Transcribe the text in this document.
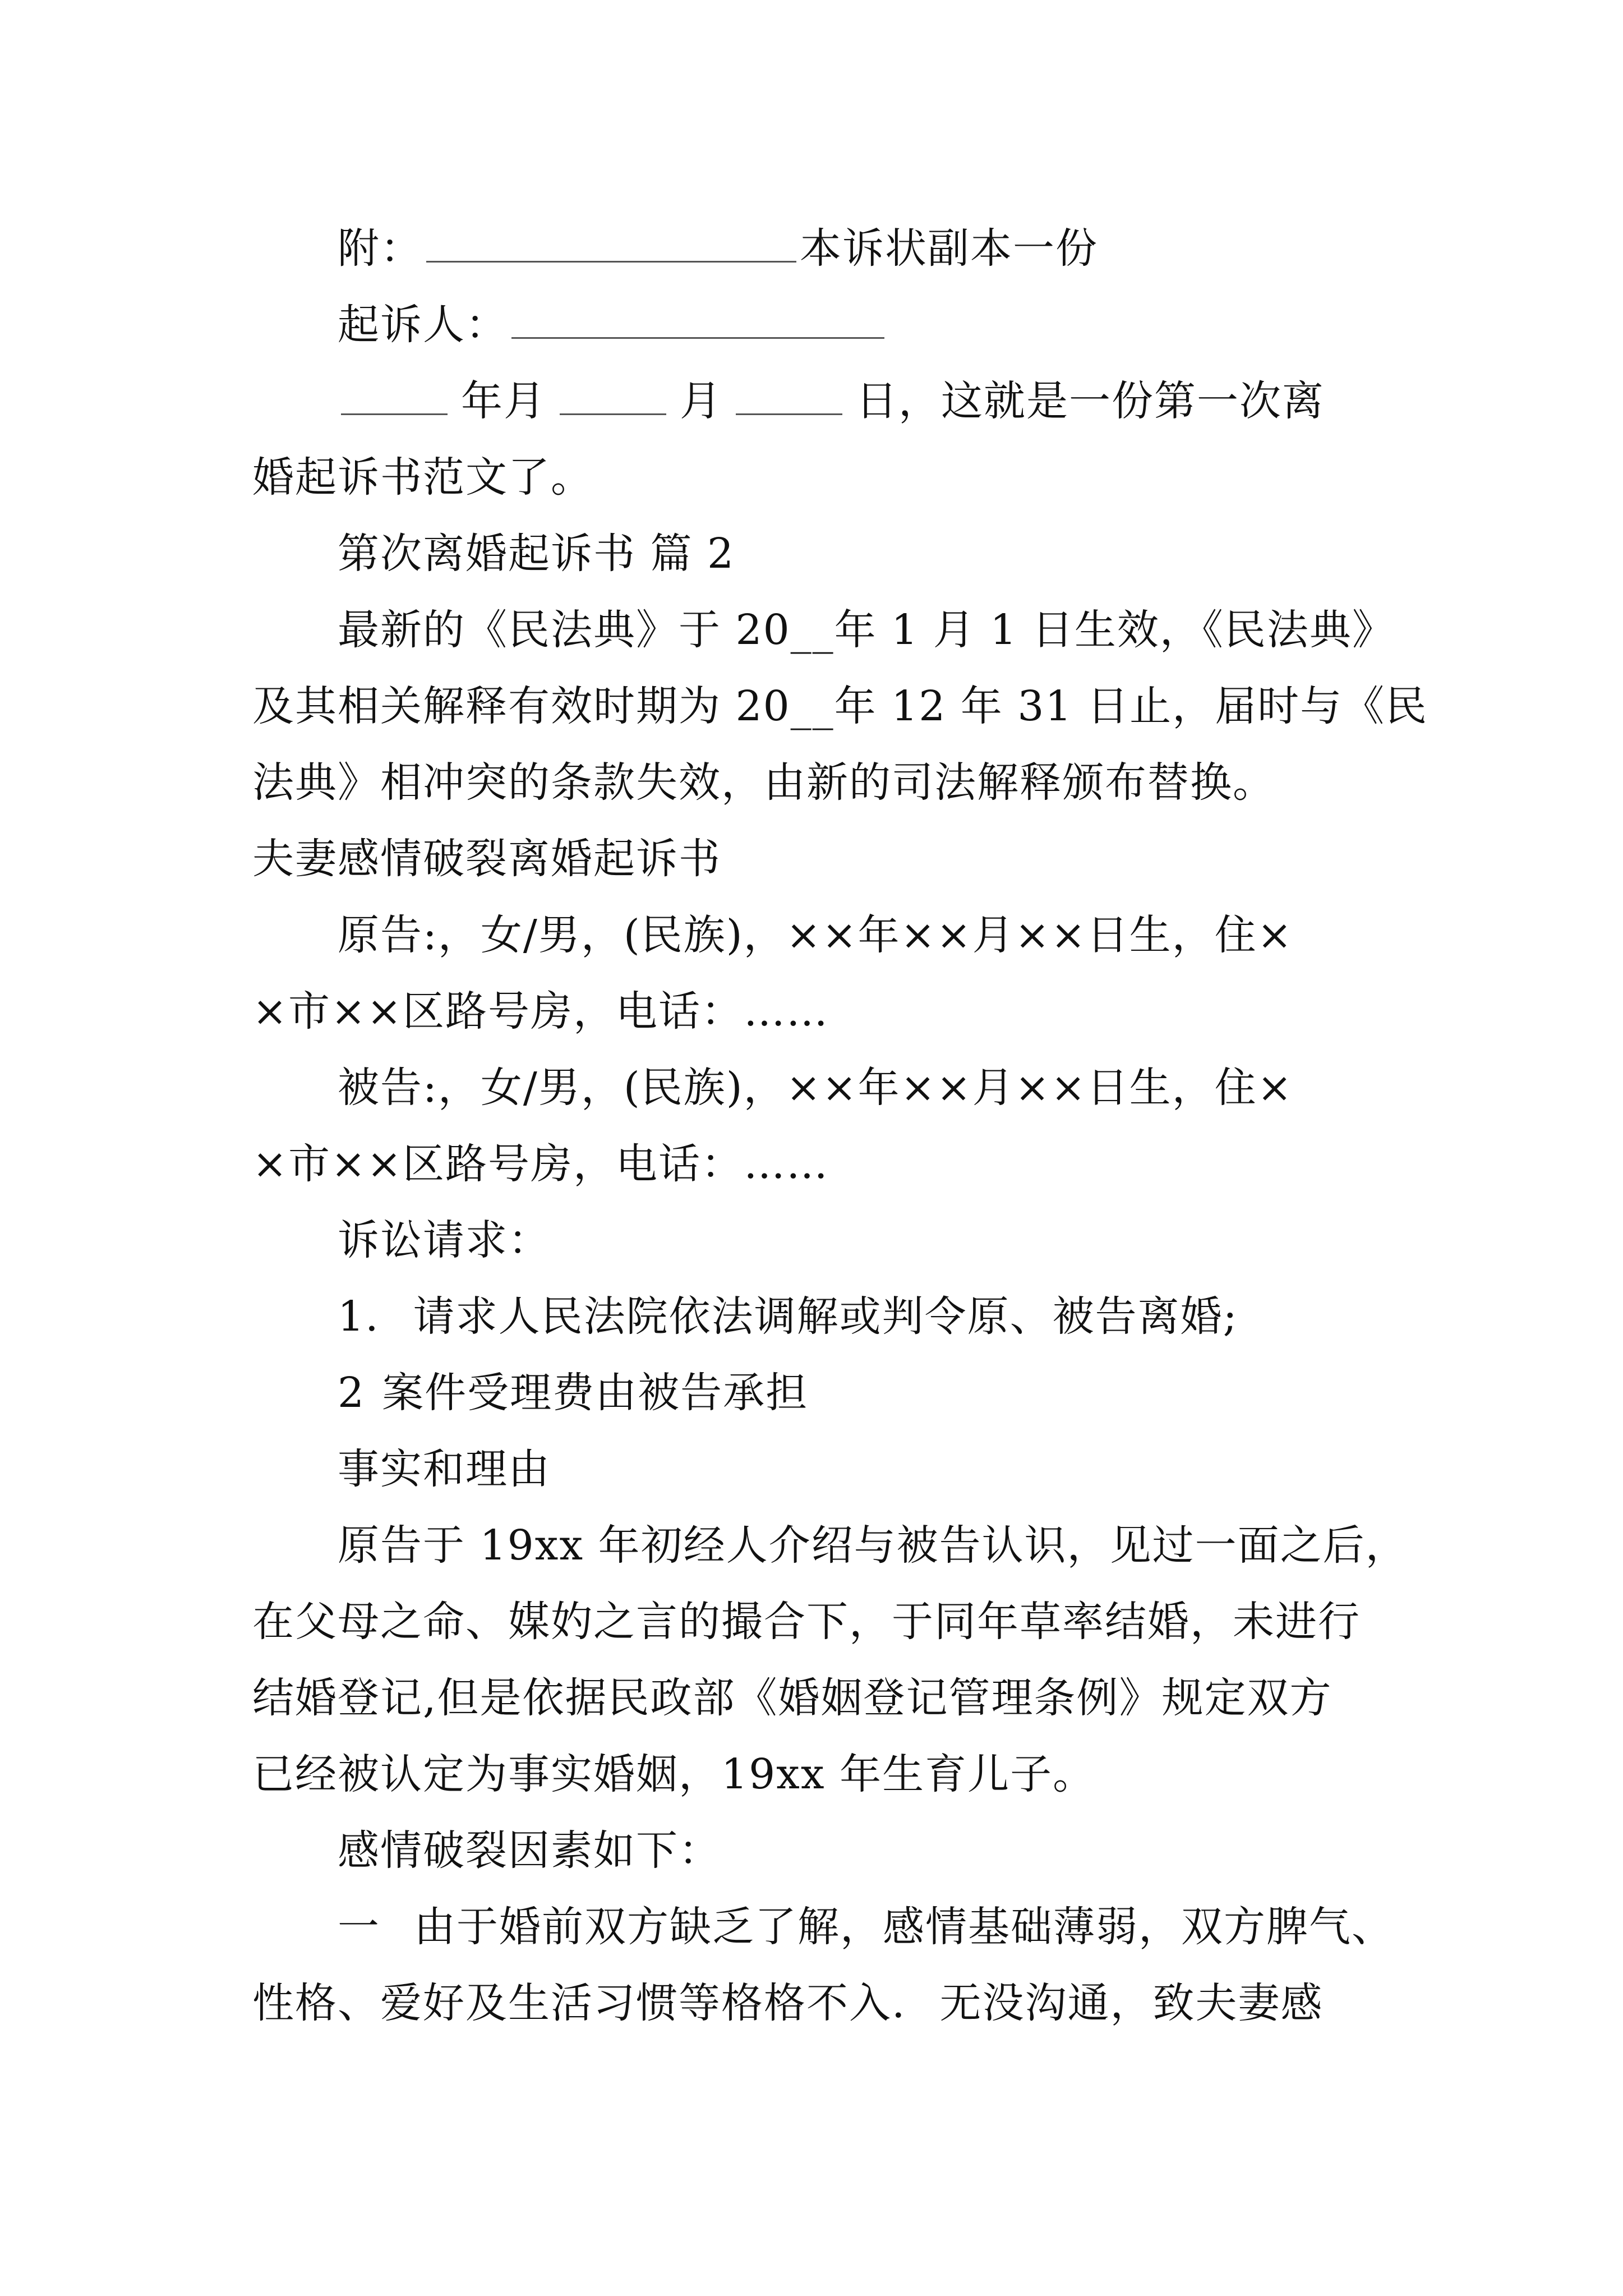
附：	本诉状副本一份
起诉人：
年月	月	日，这就是一份第一次离
婚起诉书范文了。
第次离婚起诉书 篇 2
最新的《民法典》于 20__年 1 月 1 日生效，《民法典》
及其相关解释有效时期为 20__年 12 年 31 日止，届时与《民
法典》相冲突的条款失效，由新的司法解释颁布替换。
夫妻感情破裂离婚起诉书
原告:，女/男，(民族)，××年××月××日生，住×
×市××区路号房，电话：……
被告:，女/男，(民族)，××年××月××日生，住×
×市××区路号房，电话：……
诉讼请求：
1. 请求人民法院依法调解或判令原、被告离婚;
2 案件受理费由被告承担
事实和理由
原告于 19xx 年初经人介绍与被告认识，见过一面之后，
在父母之命、媒妁之言的撮合下，于同年草率结婚，未进行
结婚登记,但是依据民政部《婚姻登记管理条例》规定双方
已经被认定为事实婚姻，19xx 年生育儿子。
感情破裂因素如下：
一 由于婚前双方缺乏了解，感情基础薄弱，双方脾气、
性格、爱好及生活习惯等格格不入. 无没沟通，致夫妻感
